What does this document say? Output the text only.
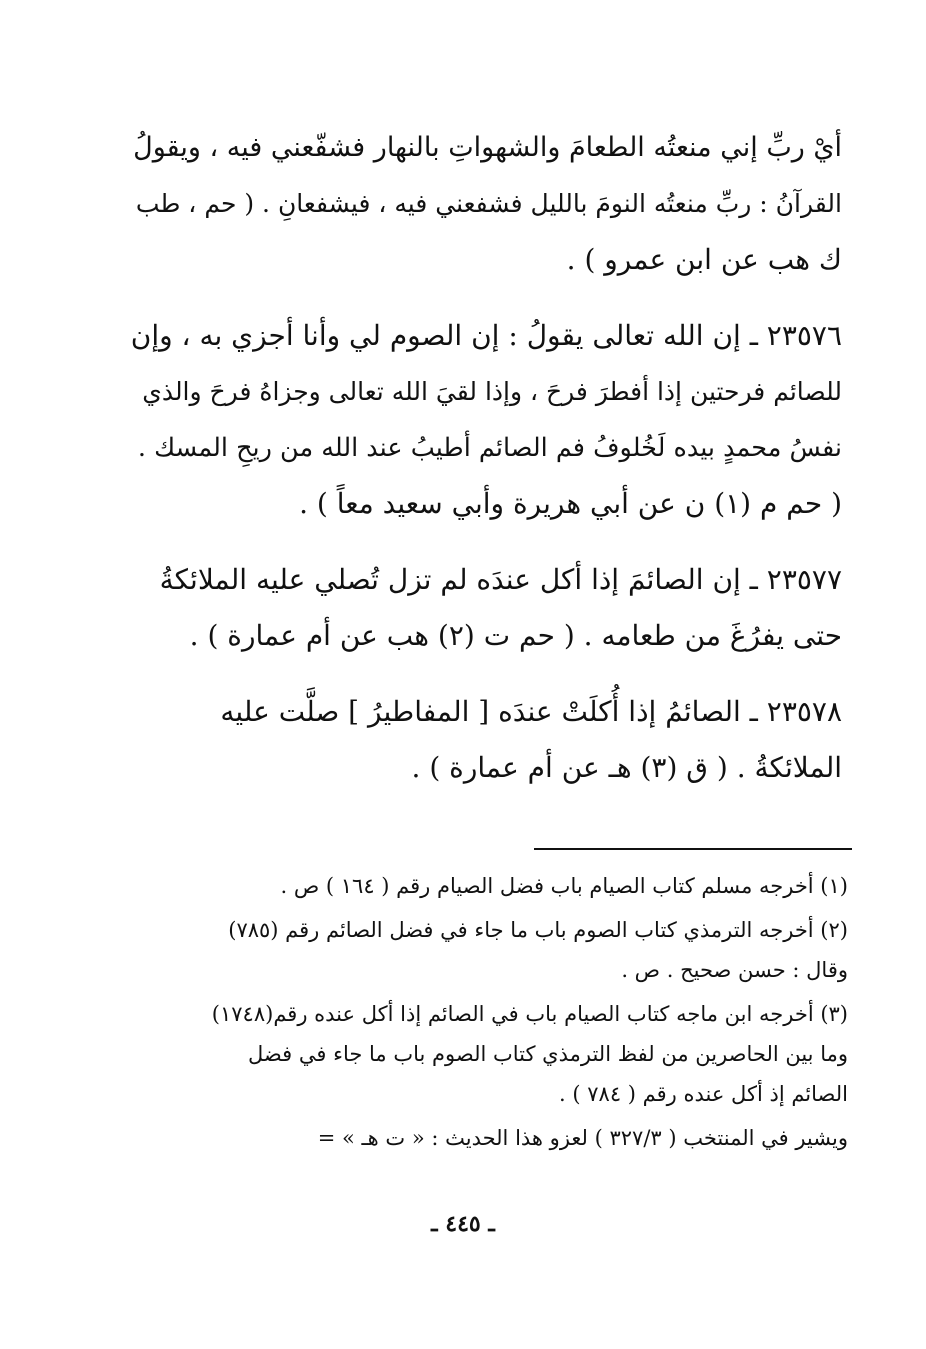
أيْ ربِّ إني منعتُه الطعامَ والشهواتِ بالنهار فشفّعني فيه ، ويقولُ
القرآنُ : ربِّ منعتُه النومَ بالليل فشفعني فيه ، فيشفعانِ . ( حم ، طب
ك هب عن ابن عمرو ) .
٢٣٥٧٦ ـ إن الله تعالى يقولُ : إن الصوم لي وأنا أجزي به ، وإن
للصائم فرحتين إذا أفطرَ فرحَ ، وإذا لقيَ الله تعالى وجزاهُ فرحَ والذي
نفسُ محمدٍ بيده لَخُلوفُ فم الصائم أطيبُ عند الله من ريحِ المسك .
( حم م (١) ن عن أبي هريرة وأبي سعيد معاً ) .
٢٣٥٧٧ ـ إن الصائمَ إذا أكل عندَه لم تزل تُصلي عليه الملائكةُ
حتى يفرُغَ من طعامه . ( حم ت (٢) هب عن أم عمارة ) .
٢٣٥٧٨ ـ الصائمُ إذا أُكلَتْ عندَه [ المفاطيرُ ] صلَّت عليه
الملائكةُ . ( ق (٣) هـ عن أم عمارة ) .
(١) أخرجه مسلم كتاب الصيام باب فضل الصيام رقم ( ١٦٤ ) ص .
(٢) أخرجه الترمذي كتاب الصوم باب ما جاء في فضل الصائم رقم (٧٨٥)
وقال : حسن صحيح . ص .
(٣) أخرجه ابن ماجه كتاب الصيام باب في الصائم إذا أكل عنده رقم(١٧٤٨)
وما بين الحاصرين من لفظ الترمذي كتاب الصوم باب ما جاء في فضل
الصائم إذ أكل عنده رقم ( ٧٨٤ ) .
ويشير في المنتخب ( ٣٢٧/٣ ) لعزو هذا الحديث : « ت هـ » =
ـ ٤٤٥ ـ
